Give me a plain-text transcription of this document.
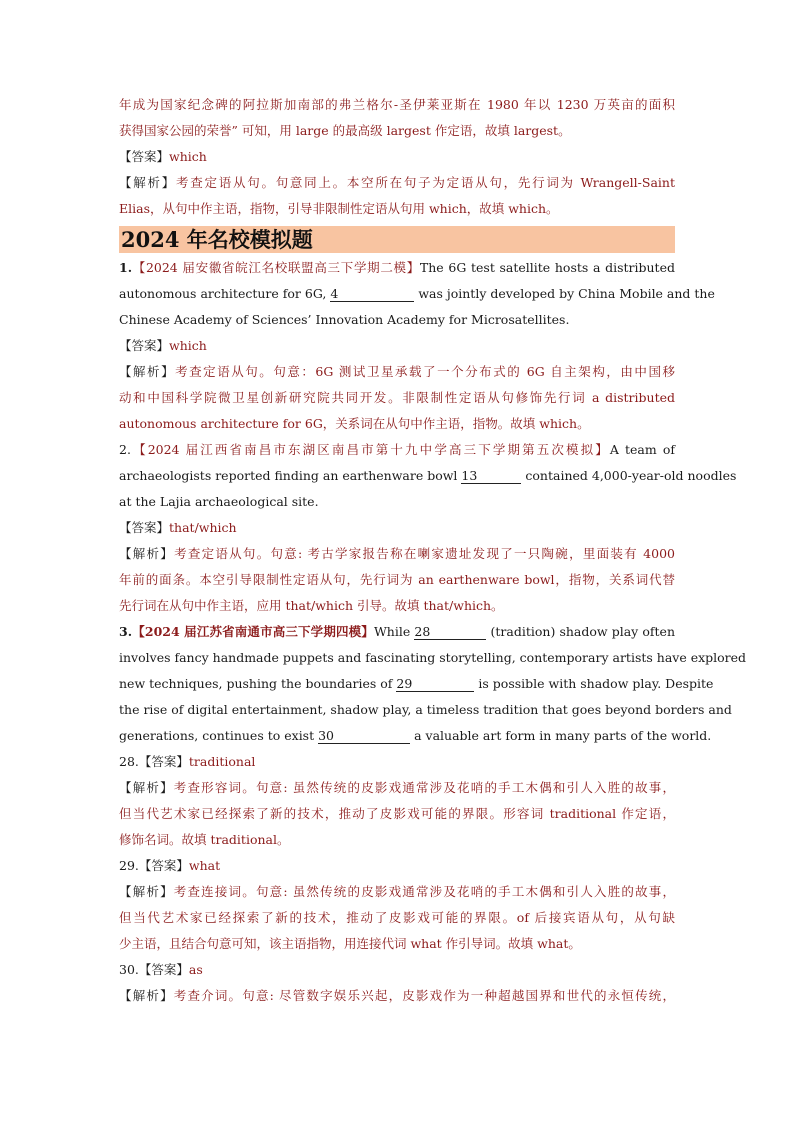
年成为国家纪念碑的阿拉斯加南部的弗兰格尔-圣伊莱亚斯在 1980 年以 1230 万英亩的面积
获得国家公园的荣誉” 可知，用 large 的最高级 largest 作定语，故填 largest。
【答案】which
【解析】考查定语从句。句意同上。本空所在句子为定语从句，先行词为 Wrangell-Saint
Elias，从句中作主语，指物，引导非限制性定语从句用 which，故填 which。
2024 年名校模拟题
1.【2024 届安徽省皖江名校联盟高三下学期二模】The 6G test satellite hosts a distributed
autonomous architecture for 6G, 4	was jointly developed by China Mobile and the
Chinese Academy of Sciences’ Innovation Academy for Microsatellites.
【答案】which
【解析】考查定语从句。句意：6G 测试卫星承载了一个分布式的 6G 自主架构，由中国移
动和中国科学院微卫星创新研究院共同开发。非限制性定语从句修饰先行词 a distributed
autonomous architecture for 6G，关系词在从句中作主语，指物。故填 which。
2.【2024 届江西省南昌市东湖区南昌市第十九中学高三下学期第五次模拟】A team of
archaeologists reported finding an earthenware bowl 13	contained 4,000-year-old noodles
at the Lajia archaeological site.
【答案】that/which
【解析】考查定语从句。句意: 考古学家报告称在喇家遗址发现了一只陶碗，里面装有 4000
年前的面条。本空引导限制性定语从句，先行词为 an earthenware bowl，指物，关系词代替
先行词在从句中作主语，应用 that/which 引导。故填 that/which。
3.【2024 届江苏省南通市高三下学期四模】While 28	(tradition) shadow play often
involves fancy handmade puppets and fascinating storytelling, contemporary artists have explored
new techniques, pushing the boundaries of 29	is possible with shadow play. Despite
the rise of digital entertainment, shadow play, a timeless tradition that goes beyond borders and
generations, continues to exist 30	a valuable art form in many parts of the world.
28.【答案】traditional
【解析】考查形容词。句意: 虽然传统的皮影戏通常涉及花哨的手工木偶和引人入胜的故事，
但当代艺术家已经探索了新的技术，推动了皮影戏可能的界限。形容词 traditional 作定语，
修饰名词。故填 traditional。
29.【答案】what
【解析】考查连接词。句意: 虽然传统的皮影戏通常涉及花哨的手工木偶和引人入胜的故事，
但当代艺术家已经探索了新的技术，推动了皮影戏可能的界限。of 后接宾语从句，从句缺
少主语，且结合句意可知，该主语指物，用连接代词 what 作引导词。故填 what。
30.【答案】as
【解析】考查介词。句意: 尽管数字娱乐兴起，皮影戏作为一种超越国界和世代的永恒传统，
